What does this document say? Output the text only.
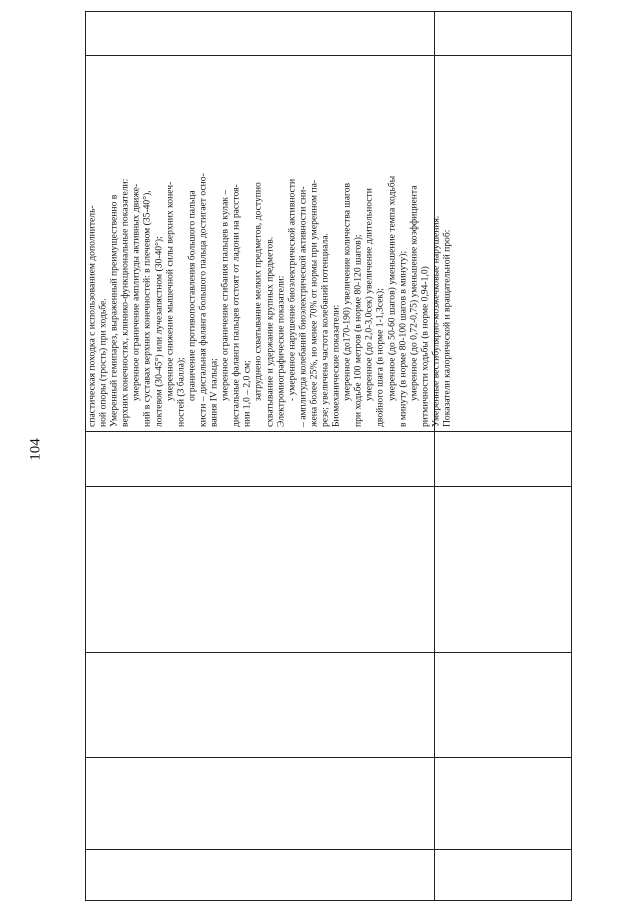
104

спастическая походка с использованием дополнитель- ной опоры (трость) при ходьбе. Умеренный гемипарез, выраженный преимущественно в верхних конечностях, клинико-функциональные показатели: умеренное ограничение амплитуды активных движе- ний в суставах верхних конечностей: в плечевом (35-40°), локтевом (30-45°) или лучезапястном (30-40°); умеренное снижение мышечной силы верхних конеч- ностей (3 балла); ограничение противопоставления большого пальца кисти – дистальная фаланга большого пальца достигает осно- вания IV пальца; умеренное ограничение сгибания пальцев в кулак – дистальные фаланги пальцев отстоят от ладони на расстоя- нии 1,0 – 2,0 см; затруднено схватывание мелких предметов, доступно схватывание и удержание крупных предметов. Электромиографические показатели: - умеренное нарушение биоэлектрической активности – амплитуда колебаний биоэлектрической активности сни- жена более 25%, но менее 70% от нормы при умеренном па- резе; увеличена частота колебаний потенциала. Биомеханические показатели: умеренное (до170-190) увеличение количества шагов при ходьбе 100 метров (в норме 80-120 шагов); умеренное (до 2,0-3,0сек) увеличение длительности двойного шага (в норме 1-1,3сек); умеренное (до 50-60 шагов) уменьшение темпа ходьбы в минуту (в норме 80-100 шагов в минуту); умеренное (до 0,72-0,75) уменьшение коэффициента ритмичности ходьбы (в норме 0,94-1,0) Умеренные вестибулярно-мозжечковые нарушения. Показатели калорической и вращательной проб:
